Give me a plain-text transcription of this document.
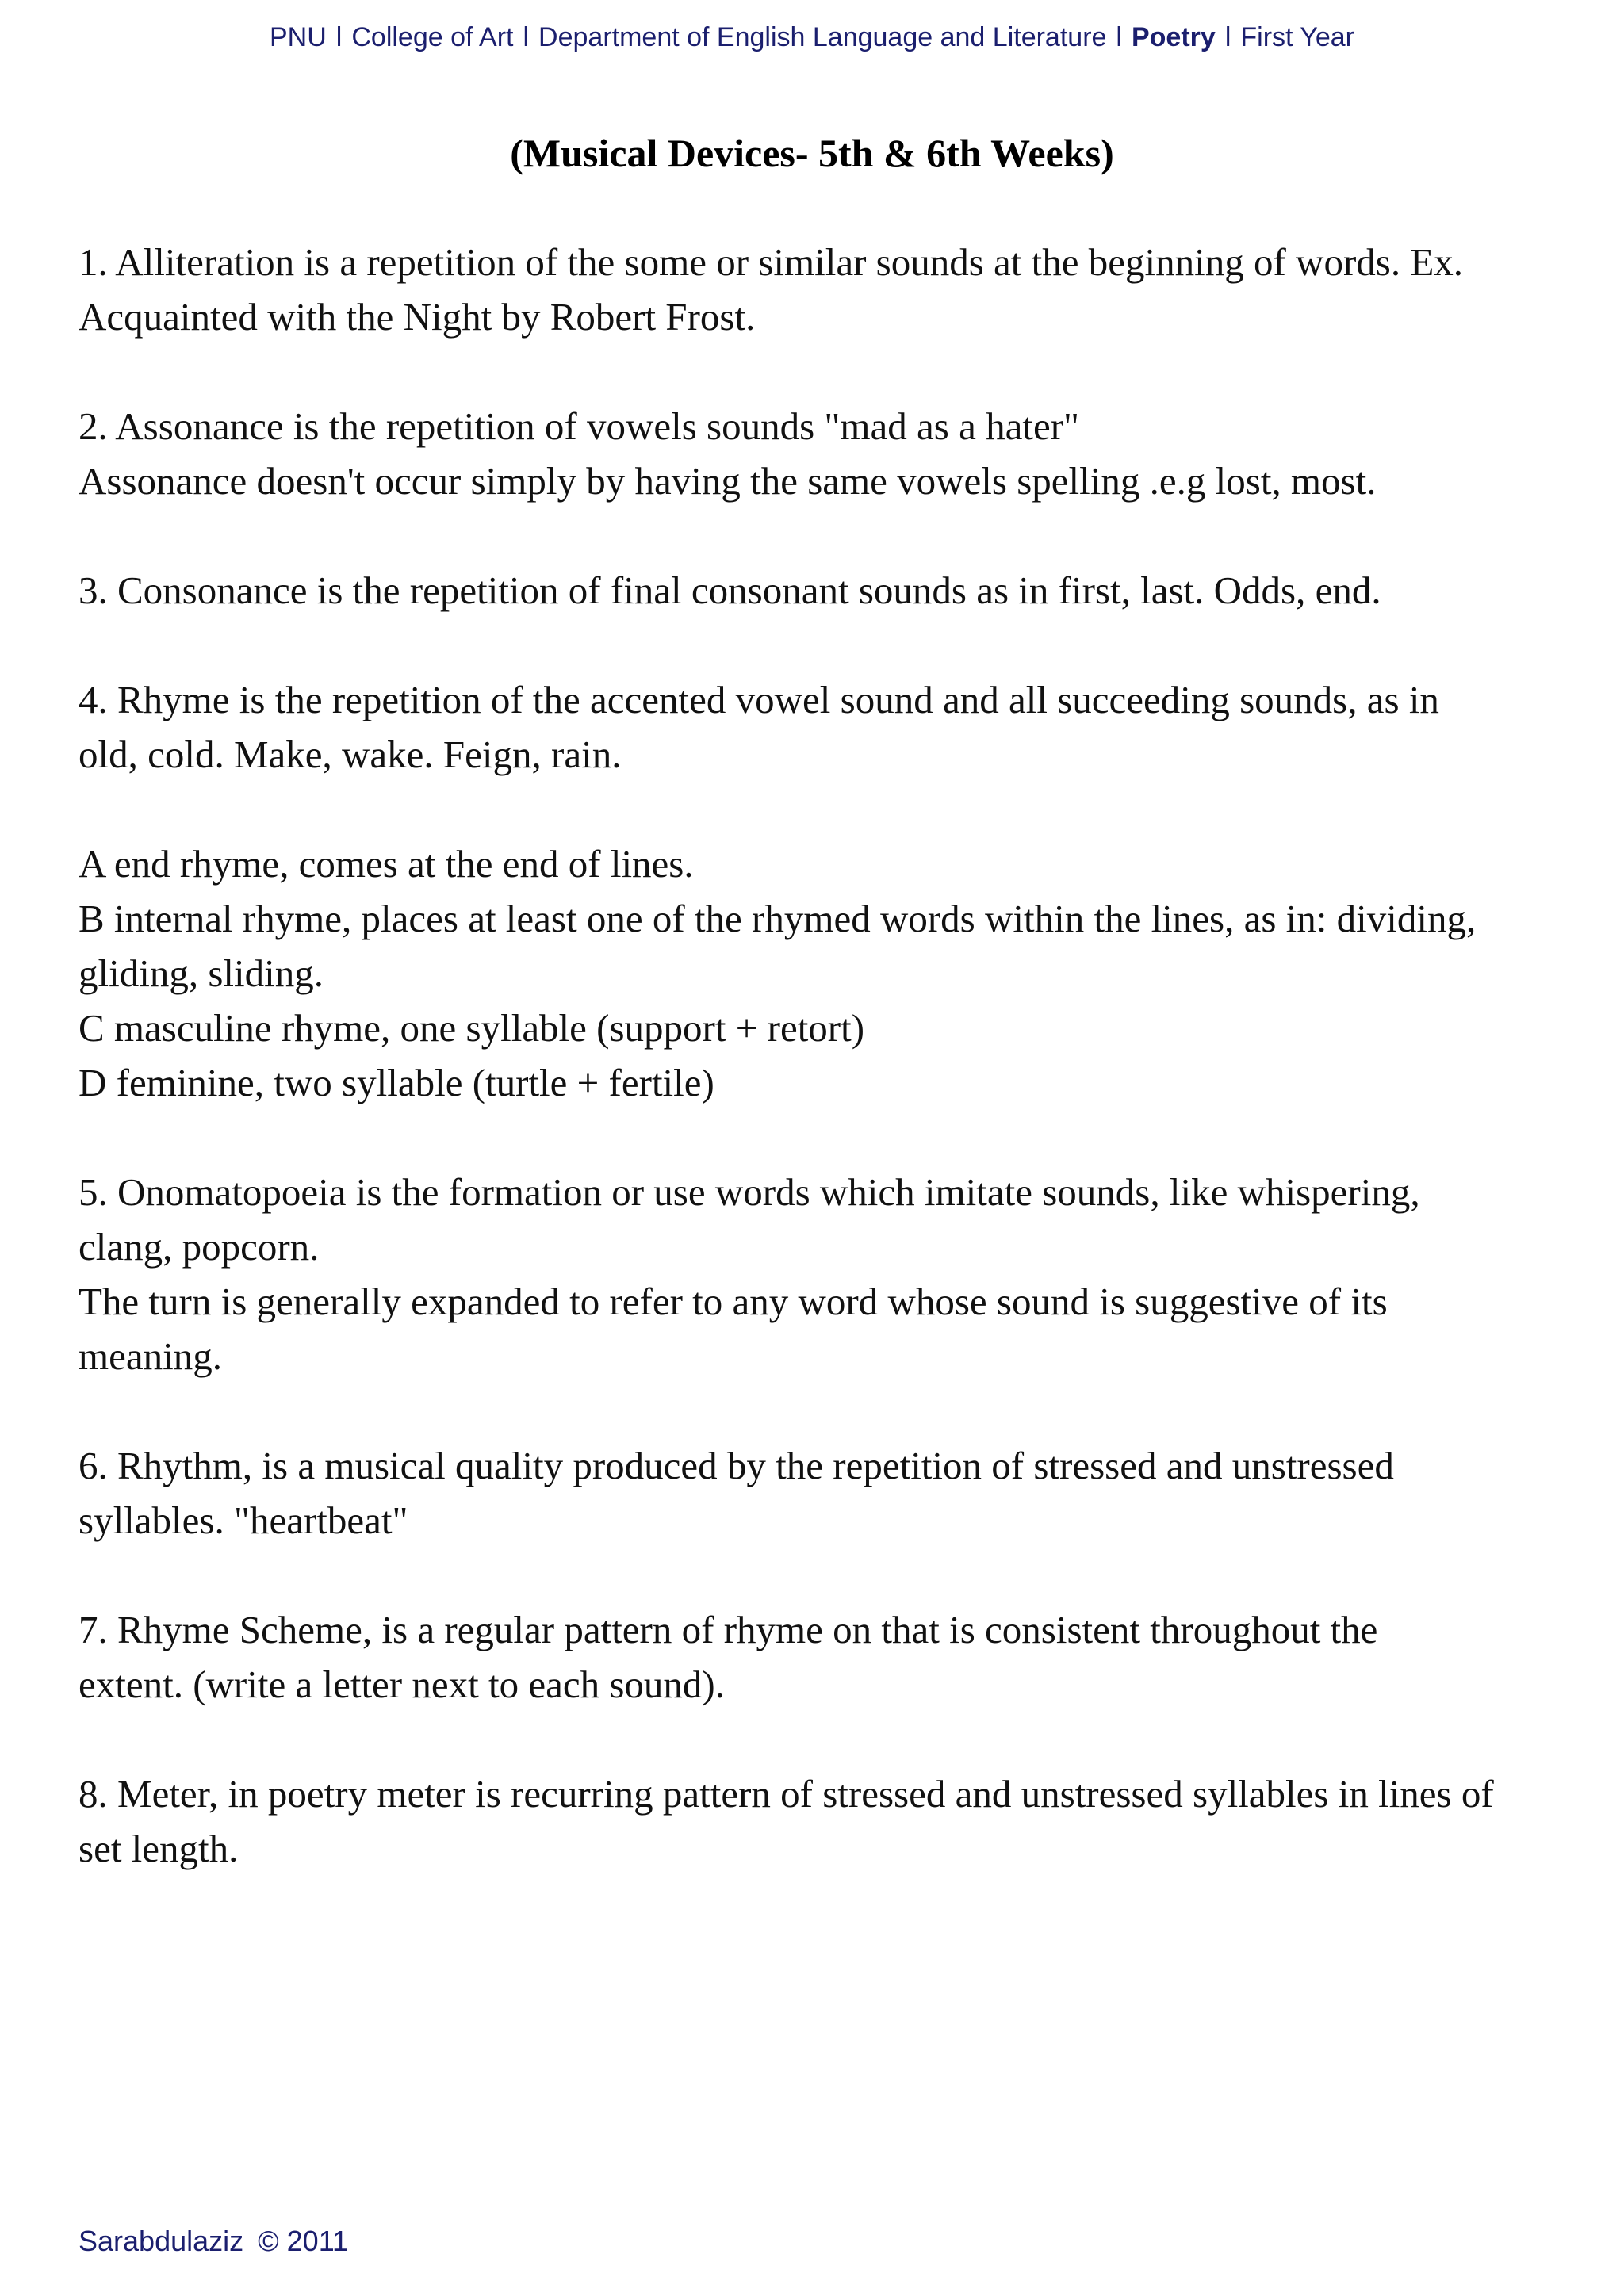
PNU l College of Art l Department of English Language and Literature l Poetry l First Year
(Musical Devices- 5th & 6th Weeks)
1. Alliteration is a repetition of the some or similar sounds at the beginning of words. Ex.
Acquainted with the Night by Robert Frost.
2. Assonance is the repetition of vowels sounds "mad as a hater"
Assonance doesn't occur simply by having the same vowels spelling .e.g lost, most.
3. Consonance is the repetition of final consonant sounds as in first, last. Odds, end.
4. Rhyme is the repetition of the accented vowel sound and all succeeding sounds, as in
old, cold. Make, wake. Feign, rain.
A end rhyme, comes at the end of lines.
B internal rhyme, places at least one of the rhymed words within the lines, as in: dividing,
gliding, sliding.
C masculine rhyme, one syllable (support + retort)
D feminine, two syllable (turtle + fertile)
5. Onomatopoeia is the formation or use words which imitate sounds, like whispering,
clang, popcorn.
The turn is generally expanded to refer to any word whose sound is suggestive of its
meaning.
6. Rhythm, is a musical quality produced by the repetition of stressed and unstressed
syllables. "heartbeat"
7. Rhyme Scheme, is a regular pattern of rhyme on that is consistent throughout the
extent. (write a letter next to each sound).
8. Meter, in poetry meter is recurring pattern of stressed and unstressed syllables in lines of
set length.
Sarabdulaziz © 2011
